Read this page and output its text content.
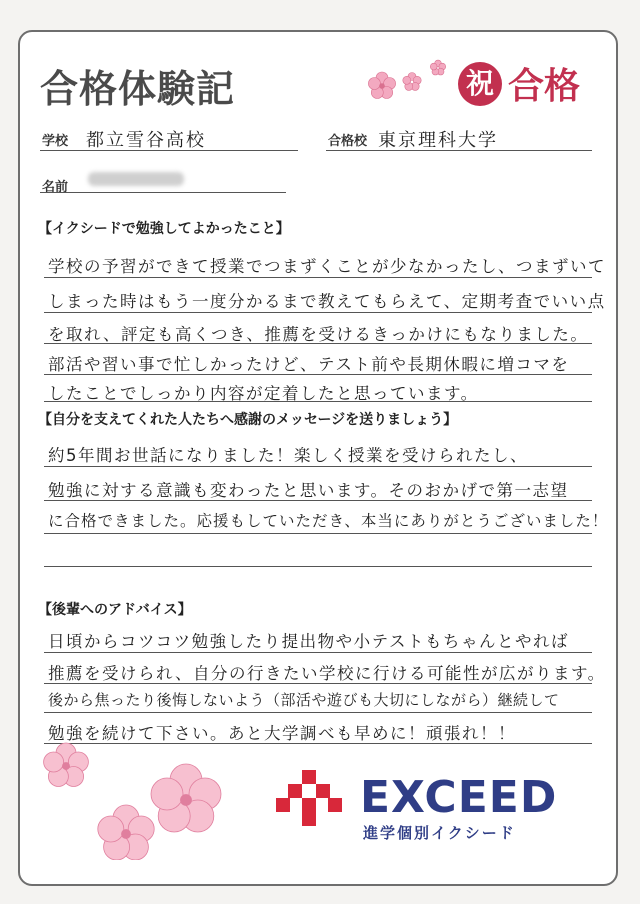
合格体験記	祝 合格
学校 都立雪谷高校	合格校 東京理科大学
名前
【イクシードで勉強してよかったこと】
学校の予習ができて授業でつまずくことが少なかったし、つまずいて
しまった時はもう一度分かるまで教えてもらえて、定期考査でいい点
を取れ、評定も高くつき、推薦を受けるきっかけにもなりました。
部活や習い事で忙しかったけど、テスト前や長期休暇に増コマを
したことでしっかり内容が定着したと思っています。
【自分を支えてくれた人たちへ感謝のメッセージを送りましょう】
約5年間お世話になりました！楽しく授業を受けられたし、
勉強に対する意識も変わったと思います。そのおかげで第一志望
に合格できました。応援もしていただき、本当にありがとうございました！
【後輩へのアドバイス】
日頃からコツコツ勉強したり提出物や小テストもちゃんとやれば
推薦を受けられ、自分の行きたい学校に行ける可能性が広がります。
後から焦ったり後悔しないよう（部活や遊びも大切にしながら）継続して
勉強を続けて下さい。あと大学調べも早めに！頑張れ！！
EXCEED
進学個別イクシード
